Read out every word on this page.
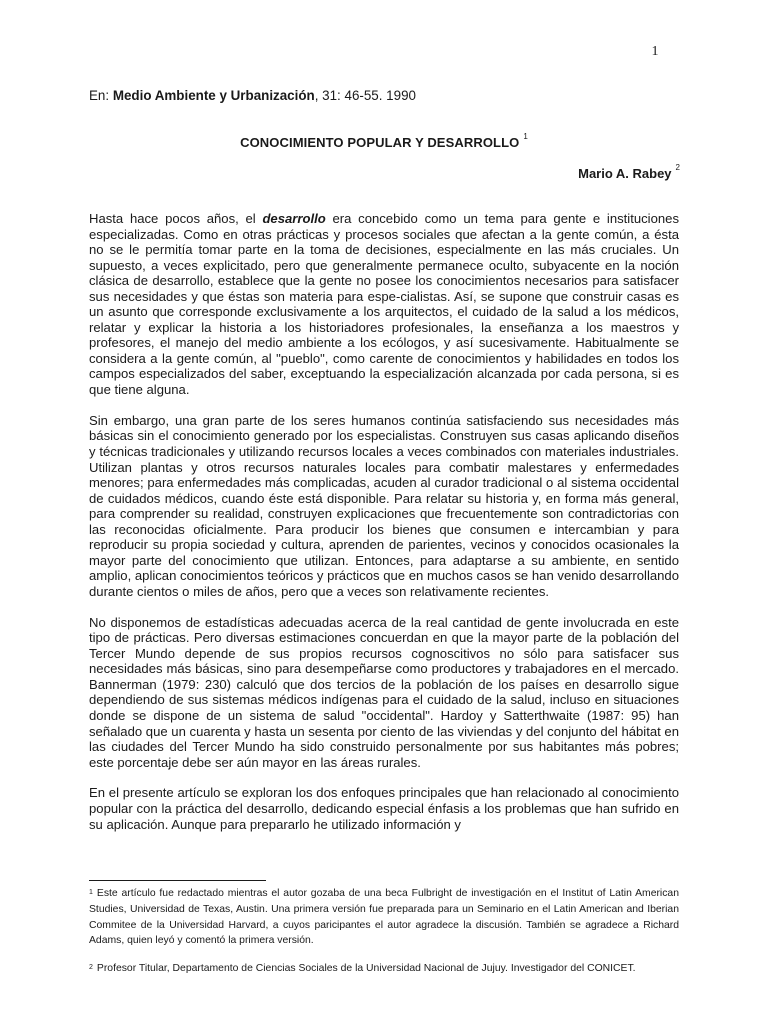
1
En: Medio Ambiente y Urbanización, 31: 46-55. 1990
CONOCIMIENTO POPULAR Y DESARROLLO $^1$
Mario A. Rabey $^2$

Hasta hace pocos años, el desarrollo era concebido como un tema para gente e instituciones especializadas. Como en otras prácticas y procesos sociales que afectan a la gente común, a ésta no se le permitía tomar parte en la toma de decisiones, especialmente en las más cruciales. Un supuesto, a veces explicitado, pero que generalmente permanece oculto, subyacente en la noción clásica de desarrollo, establece que la gente no posee los conocimientos necesarios para satisfacer sus necesidades y que éstas son materia para espe-cialistas. Así, se supone que construir casas es un asunto que corresponde exclusivamente a los arquitectos, el cuidado de la salud a los médicos, relatar y explicar la historia a los historiadores profesionales, la enseñanza a los maestros y profesores, el manejo del medio ambiente a los ecólogos, y así sucesivamente. Habitualmente se considera a la gente común, al "pueblo", como carente de conocimientos y habilidades en todos los campos especializados del saber, exceptuando la especialización alcanzada por cada persona, si es que tiene alguna.

Sin embargo, una gran parte de los seres humanos continúa satisfaciendo sus necesidades más básicas sin el conocimiento generado por los especialistas. Construyen sus casas aplicando diseños y técnicas tradicionales y utilizando recursos locales a veces combinados con materiales industriales. Utilizan plantas y otros recursos naturales locales para combatir malestares y enfermedades menores; para enfermedades más complicadas, acuden al curador tradicional o al sistema occidental de cuidados médicos, cuando éste está disponible. Para relatar su historia y, en forma más general, para comprender su realidad, construyen explicaciones que frecuentemente son contradictorias con las reconocidas oficialmente. Para producir los bienes que consumen e intercambian y para reproducir su propia sociedad y cultura, aprenden de parientes, vecinos y conocidos ocasionales la mayor parte del conocimiento que utilizan. Entonces, para adaptarse a su ambiente, en sentido amplio, aplican conocimientos teóricos y prácticos que en muchos casos se han venido desarrollando durante cientos o miles de años, pero que a veces son relativamente recientes.

No disponemos de estadísticas adecuadas acerca de la real cantidad de gente involucrada en este tipo de prácticas. Pero diversas estimaciones concuerdan en que la mayor parte de la población del Tercer Mundo depende de sus propios recursos cognoscitivos no sólo para satisfacer sus necesidades más básicas, sino para desempeñarse como productores y trabajadores en el mercado. Bannerman (1979: 230) calculó que dos tercios de la población de los países en desarrollo sigue dependiendo de sus sistemas médicos indígenas para el cuidado de la salud, incluso en situaciones donde se dispone de un sistema de salud "occidental". Hardoy y Satterthwaite (1987: 95) han señalado que un cuarenta y hasta un sesenta por ciento de las viviendas y del conjunto del hábitat en las ciudades del Tercer Mundo ha sido construido personalmente por sus habitantes más pobres; este porcentaje debe ser aún mayor en las áreas rurales.

En el presente artículo se exploran los dos enfoques principales que han relacionado al conocimiento popular con la práctica del desarrollo, dedicando especial énfasis a los problemas que han sufrido en su aplicación. Aunque para prepararlo he utilizado información y

$^1$ Este artículo fue redactado mientras el autor gozaba de una beca Fulbright de investigación en el Institut of Latin American Studies, Universidad de Texas, Austin. Una primera versión fue preparada para un Seminario en el Latin American and Iberian Commitee de la Universidad Harvard, a cuyos paricipantes el autor agradece la discusión. También se agradece a Richard Adams, quien leyó y comentó la primera versión.

$^2$ Profesor Titular, Departamento de Ciencias Sociales de la Universidad Nacional de Jujuy. Investigador del CONICET.
